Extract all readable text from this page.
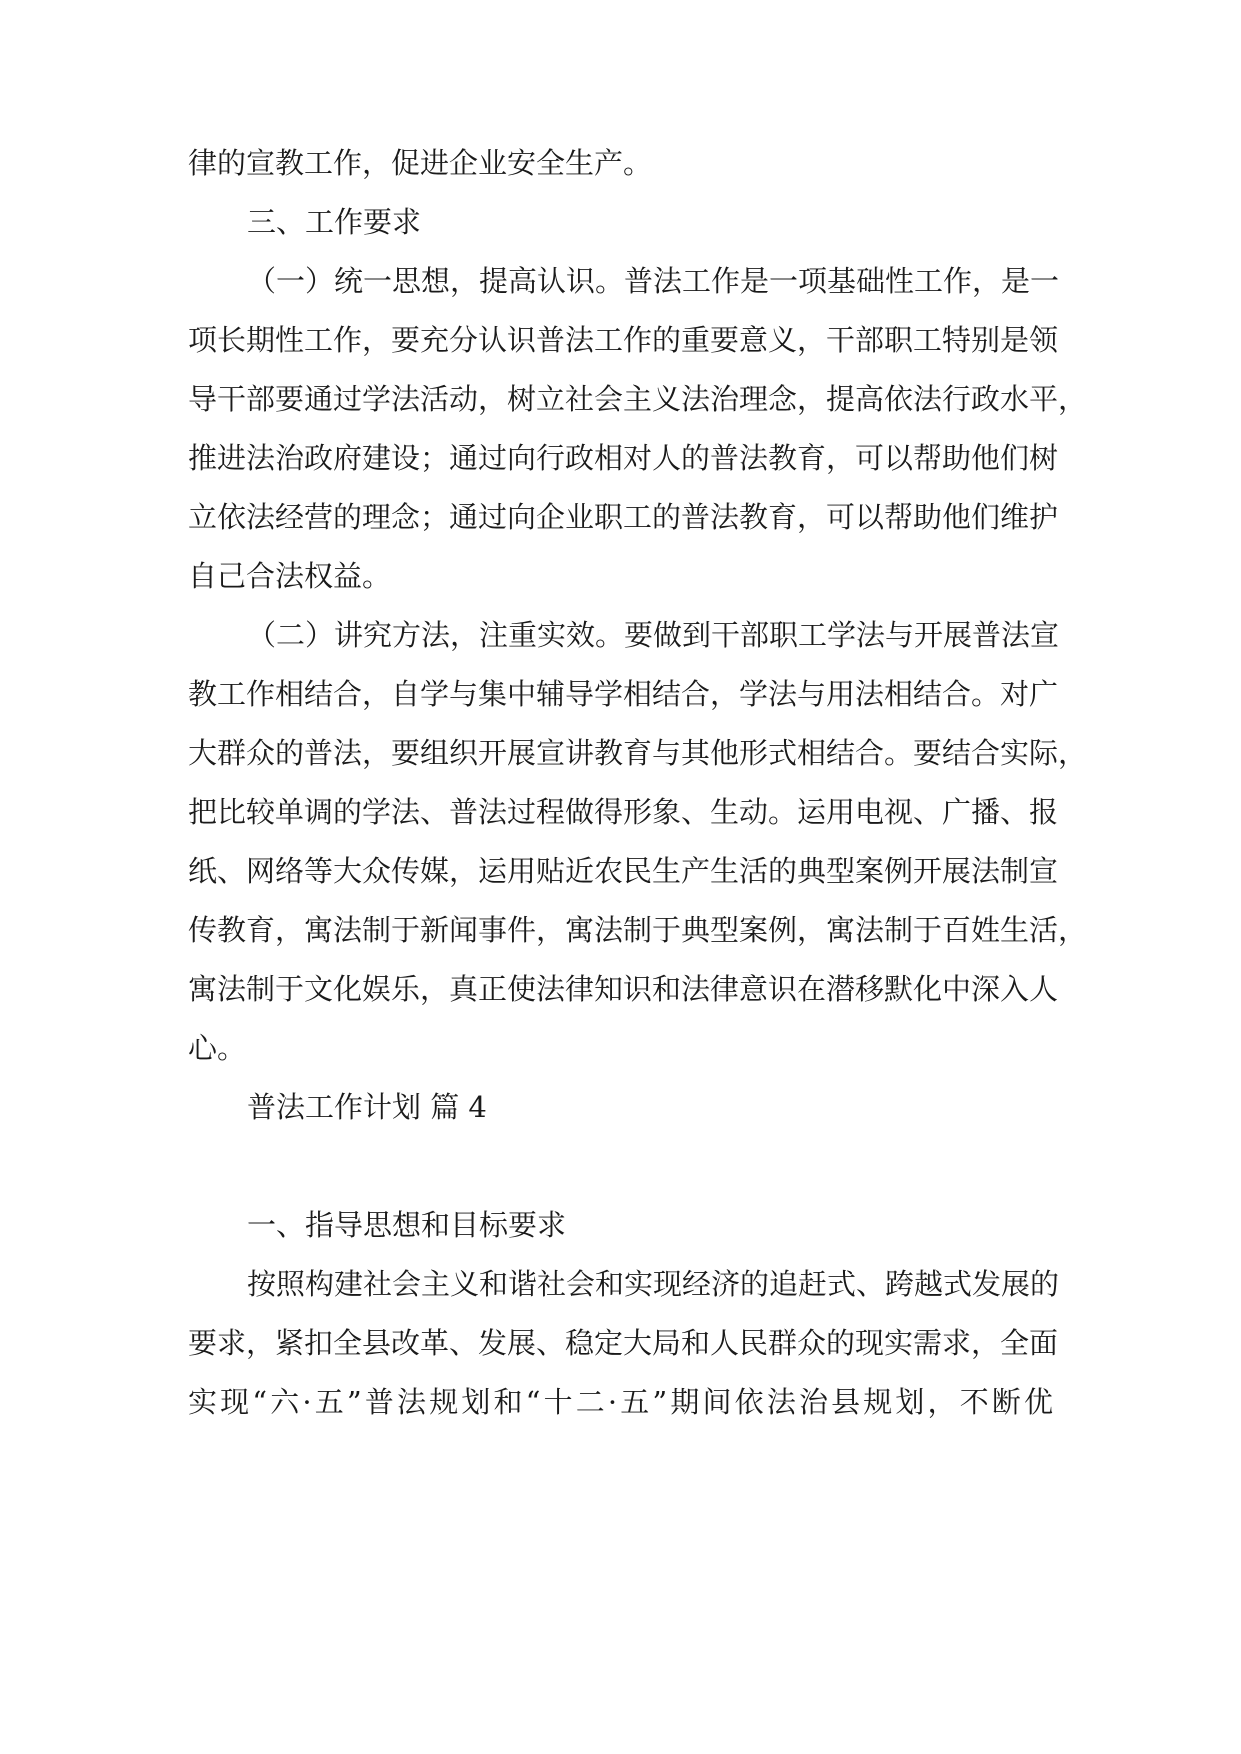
律的宣教工作，促进企业安全生产。
三、工作要求
（一）统一思想，提高认识。普法工作是一项基础性工作，是一
项长期性工作，要充分认识普法工作的重要意义，干部职工特别是领
导干部要通过学法活动，树立社会主义法治理念，提高依法行政水平，
推进法治政府建设；通过向行政相对人的普法教育，可以帮助他们树
立依法经营的理念；通过向企业职工的普法教育，可以帮助他们维护
自己合法权益。
（二）讲究方法，注重实效。要做到干部职工学法与开展普法宣
教工作相结合，自学与集中辅导学相结合，学法与用法相结合。对广
大群众的普法，要组织开展宣讲教育与其他形式相结合。要结合实际，
把比较单调的学法、普法过程做得形象、生动。运用电视、广播、报
纸、网络等大众传媒，运用贴近农民生产生活的典型案例开展法制宣
传教育，寓法制于新闻事件，寓法制于典型案例，寓法制于百姓生活，
寓法制于文化娱乐，真正使法律知识和法律意识在潜移默化中深入人
心。
普法工作计划 篇 4
一、指导思想和目标要求
按照构建社会主义和谐社会和实现经济的追赶式、跨越式发展的
要求，紧扣全县改革、发展、稳定大局和人民群众的现实需求，全面
实现“六·五”普法规划和“十二·五”期间依法治县规划，不断优
